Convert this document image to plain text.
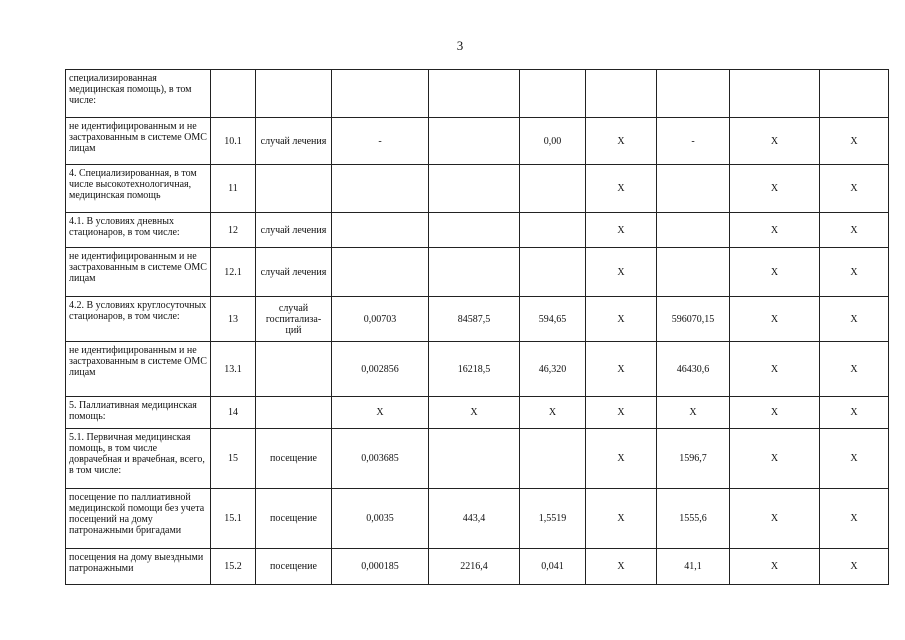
3
специализированная медицинская помощь), в том числе:									
не идентифицированным и не застрахованным в системе ОМС лицам	10.1	случай лечения	-		0,00	X	-	X	X
4. Специализированная, в том числе высокотехнологичная, медицинская помощь	11					X		X	X
4.1. В условиях дневных стационаров, в том числе:	12	случай лечения				X		X	X
не идентифицированным и не застрахованным в системе ОМС лицам	12.1	случай лечения				X		X	X
4.2. В условиях круглосуточных стационаров, в том числе:	13	случай госпитализа-ций	0,00703	84587,5	594,65	X	596070,15	X	X
не идентифицированным и не застрахованным в системе ОМС лицам	13.1		0,002856	16218,5	46,320	X	46430,6	X	X
5. Паллиативная медицинская помощь:	14		X	X	X	X	X	X	X
5.1. Первичная медицинская помощь, в том числе доврачебная и врачебная, всего, в том числе:	15	посещение	0,003685			X	1596,7	X	X
посещение по паллиативной медицинской помощи без учета посещений на дому патронажными бригадами	15.1	посещение	0,0035	443,4	1,5519	X	1555,6	X	X
посещения на дому выездными патронажными	15.2	посещение	0,000185	2216,4	0,041	X	41,1	X	X
